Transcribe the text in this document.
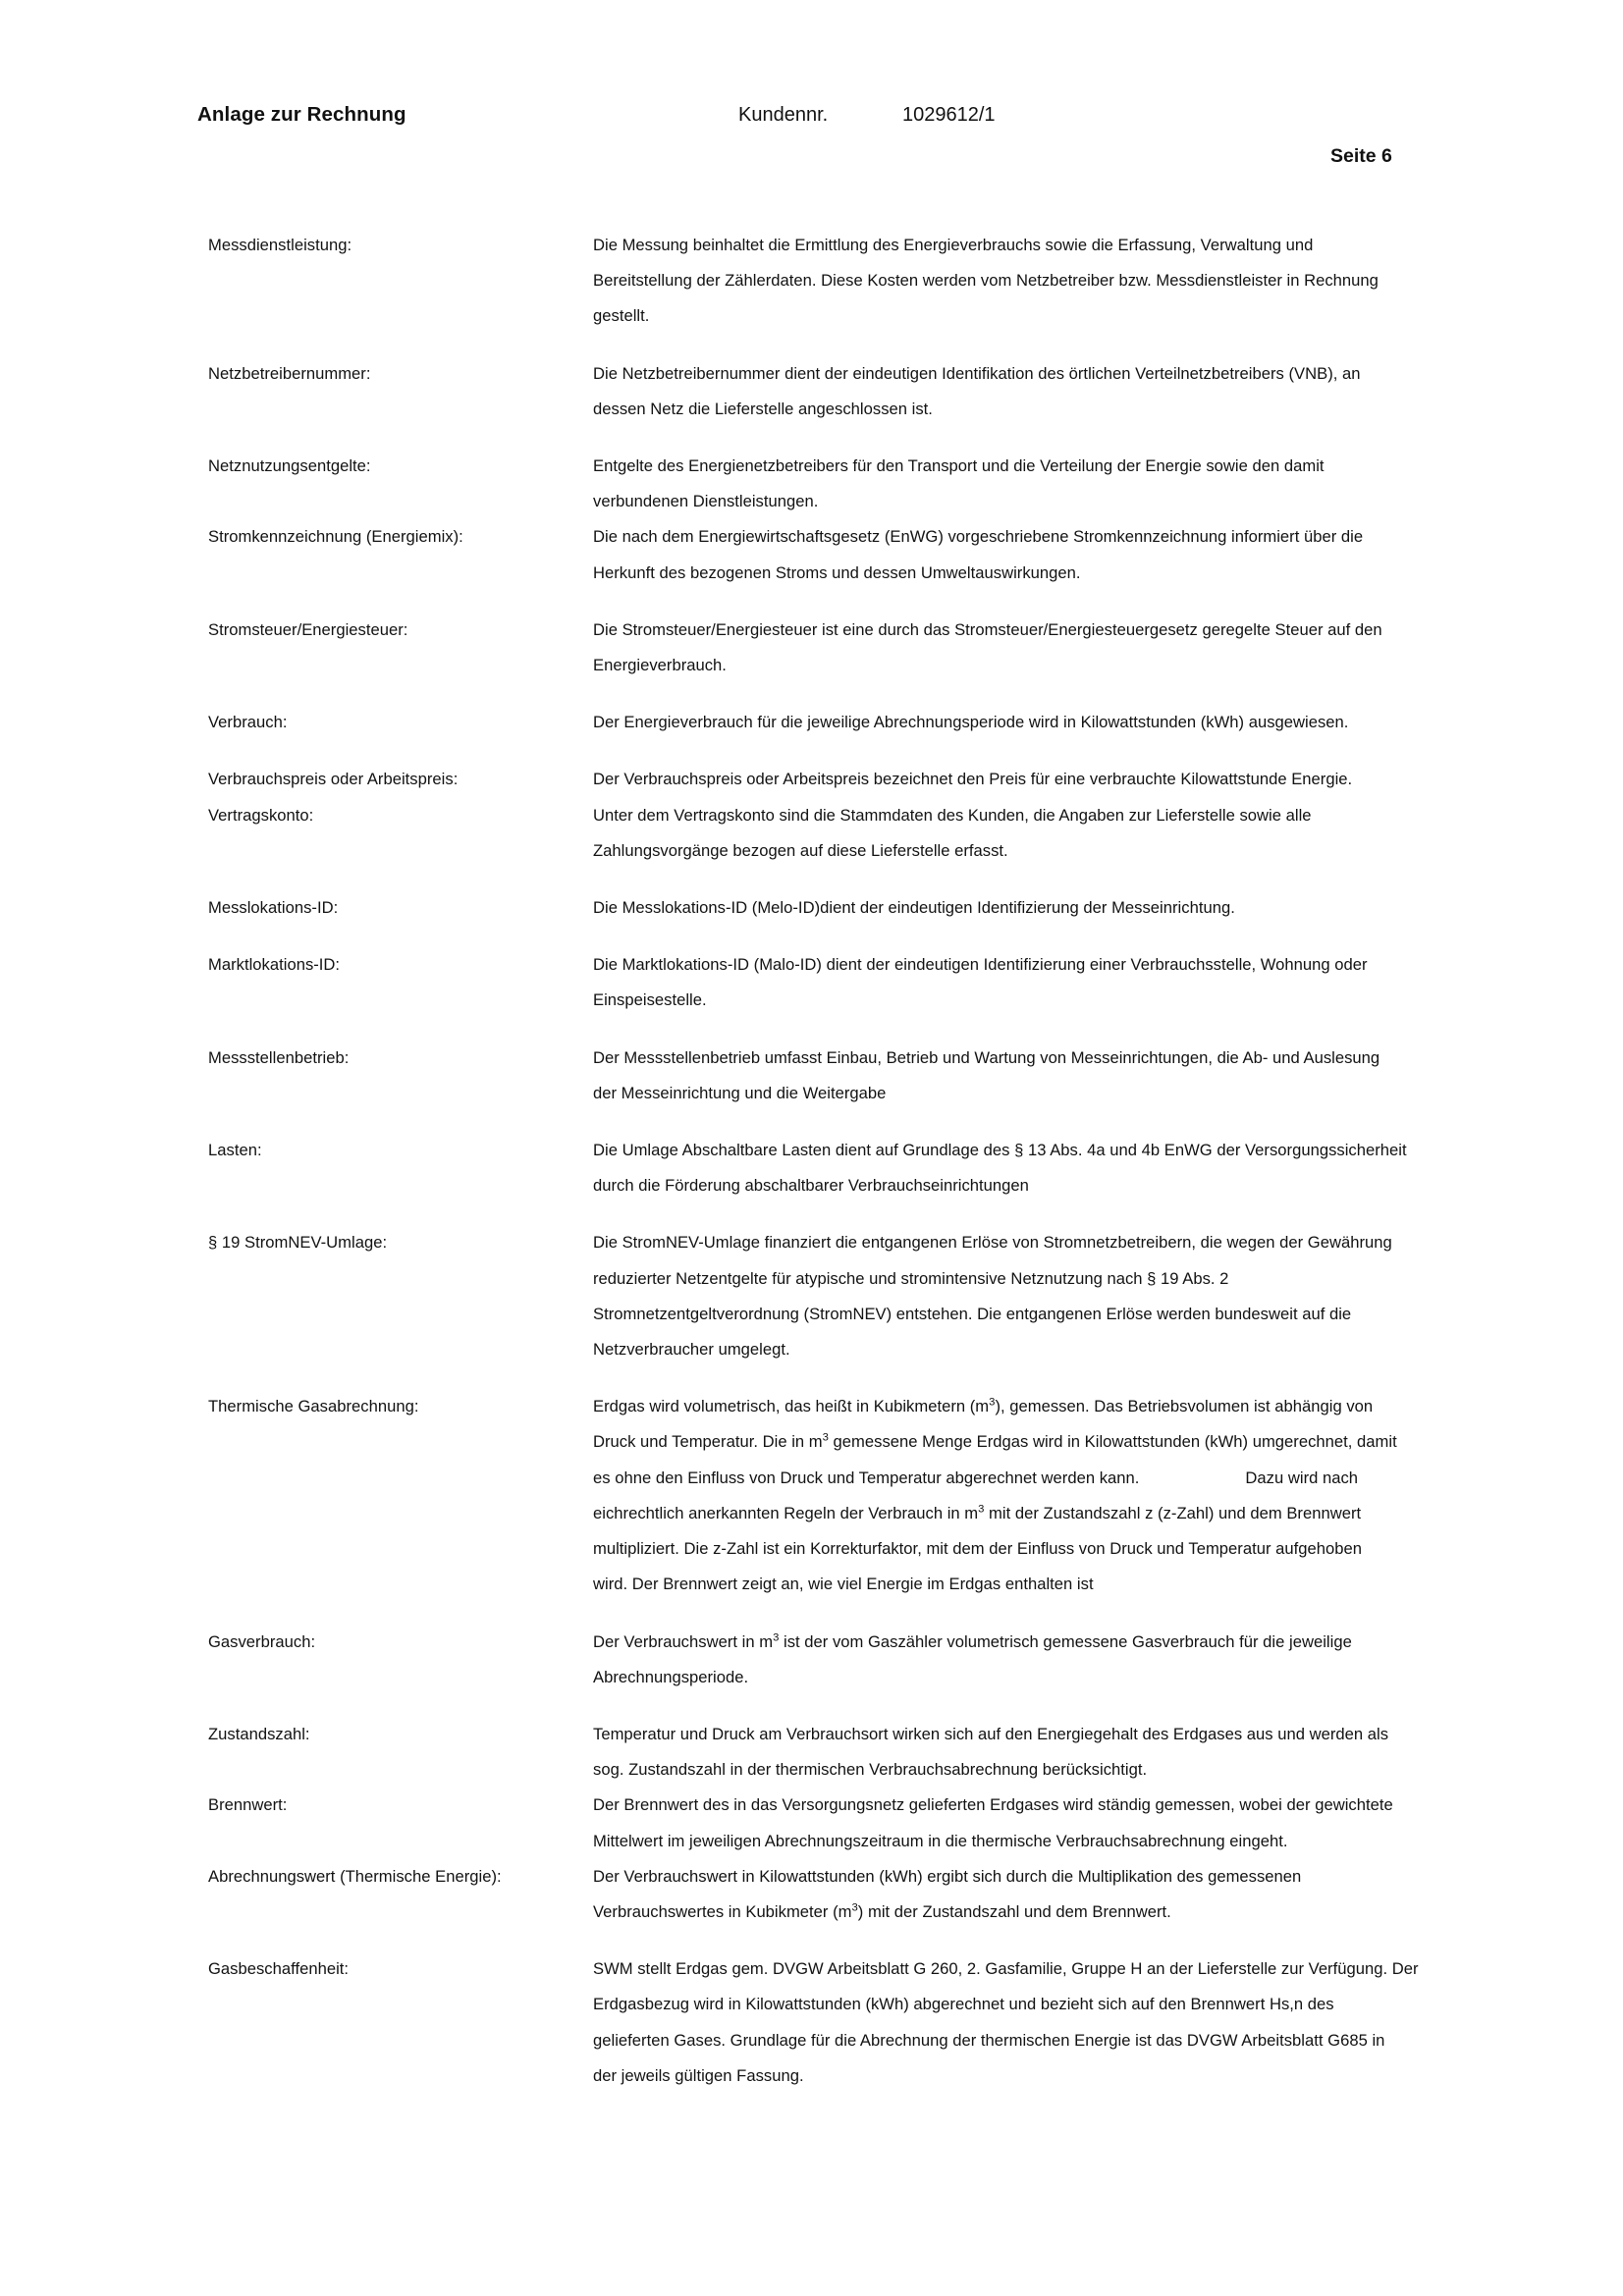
Anlage zur Rechnung	Kundennr.	1029612/1
Seite 6
Messdienstleistung:	Die Messung beinhaltet die Ermittlung des Energieverbrauchs sowie die Erfassung, Verwaltung und

Bereitstellung der Zählerdaten. Diese Kosten werden vom Netzbetreiber bzw. Messdienstleister in Rechnung

gestellt.

Netzbetreibernummer:	Die Netzbetreibernummer dient der eindeutigen Identifikation des örtlichen Verteilnetzbetreibers (VNB), an

dessen Netz die Lieferstelle angeschlossen ist.

Netznutzungsentgelte:	Entgelte des Energienetzbetreibers für den Transport und die Verteilung der Energie sowie den damit

verbundenen Dienstleistungen.

Stromkennzeichnung (Energiemix):	Die nach dem Energiewirtschaftsgesetz (EnWG) vorgeschriebene Stromkennzeichnung informiert über die

Herkunft des bezogenen Stroms und dessen Umweltauswirkungen.

Stromsteuer/Energiesteuer:	Die Stromsteuer/Energiesteuer ist eine durch das Stromsteuer/Energiesteuergesetz geregelte Steuer auf den

Energieverbrauch.

Verbrauch:	Der Energieverbrauch für die jeweilige Abrechnungsperiode wird in Kilowattstunden (kWh) ausgewiesen.

Verbrauchspreis oder Arbeitspreis:	Der Verbrauchspreis oder Arbeitspreis bezeichnet den Preis für eine verbrauchte Kilowattstunde Energie.

Vertragskonto:	Unter dem Vertragskonto sind die Stammdaten des Kunden, die Angaben zur Lieferstelle sowie alle

Zahlungsvorgänge bezogen auf diese Lieferstelle erfasst.

Messlokations-ID:	Die Messlokations-ID (Melo-ID)dient der eindeutigen Identifizierung der Messeinrichtung.

Marktlokations-ID:	Die Marktlokations-ID (Malo-ID) dient der eindeutigen Identifizierung einer Verbrauchsstelle, Wohnung oder

Einspeisestelle.

Messstellenbetrieb:	Der Messstellenbetrieb umfasst Einbau, Betrieb und Wartung von Messeinrichtungen, die Ab- und Auslesung

der Messeinrichtung und die Weitergabe

Lasten:	Die Umlage Abschaltbare Lasten dient auf Grundlage des § 13 Abs. 4a und 4b EnWG der Versorgungssicherheit

durch die Förderung abschaltbarer Verbrauchseinrichtungen

§ 19 StromNEV-Umlage:	Die StromNEV-Umlage finanziert die entgangenen Erlöse von Stromnetzbetreibern, die wegen der Gewährung

reduzierter Netzentgelte für atypische und stromintensive Netznutzung nach § 19 Abs. 2

Stromnetzentgeltverordnung (StromNEV) entstehen. Die entgangenen Erlöse werden bundesweit auf die

Netzverbraucher umgelegt.

Thermische Gasabrechnung:	Erdgas wird volumetrisch, das heißt in Kubikmetern $(m^3)$, gemessen. Das Betriebsvolumen ist abhängig von

Druck und Temperatur. Die in $m^3$ gemessene Menge Erdgas wird in Kilowattstunden (kWh) umgerechnet, damit

es ohne den Einfluss von Druck und Temperatur abgerechnet werden kann.	Dazu wird nach

eichrechtlich anerkannten Regeln der Verbrauch in $m^3$ mit der Zustandszahl z (z-Zahl) und dem Brennwert

multipliziert. Die z-Zahl ist ein Korrekturfaktor, mit dem der Einfluss von Druck und Temperatur aufgehoben

wird. Der Brennwert zeigt an, wie viel Energie im Erdgas enthalten ist

Gasverbrauch:	Der Verbrauchswert in $m^3$ ist der vom Gaszähler volumetrisch gemessene Gasverbrauch für die jeweilige

Abrechnungsperiode.

Zustandszahl:	Temperatur und Druck am Verbrauchsort wirken sich auf den Energiegehalt des Erdgases aus und werden als

sog. Zustandszahl in der thermischen Verbrauchsabrechnung berücksichtigt.

Brennwert:	Der Brennwert des in das Versorgungsnetz gelieferten Erdgases wird ständig gemessen, wobei der gewichtete

Mittelwert im jeweiligen Abrechnungszeitraum in die thermische Verbrauchsabrechnung eingeht.

Abrechnungswert (Thermische Energie):	Der Verbrauchswert in Kilowattstunden (kWh) ergibt sich durch die Multiplikation des gemessenen

Verbrauchswertes in Kubikmeter $(m^3)$ mit der Zustandszahl und dem Brennwert.

Gasbeschaffenheit:	SWM stellt Erdgas gem. DVGW Arbeitsblatt G 260, 2. Gasfamilie, Gruppe H an der Lieferstelle zur Verfügung. Der

Erdgasbezug wird in Kilowattstunden (kWh) abgerechnet und bezieht sich auf den Brennwert Hs,n des

gelieferten Gases. Grundlage für die Abrechnung der thermischen Energie ist das DVGW Arbeitsblatt G685 in

der jeweils gültigen Fassung.
